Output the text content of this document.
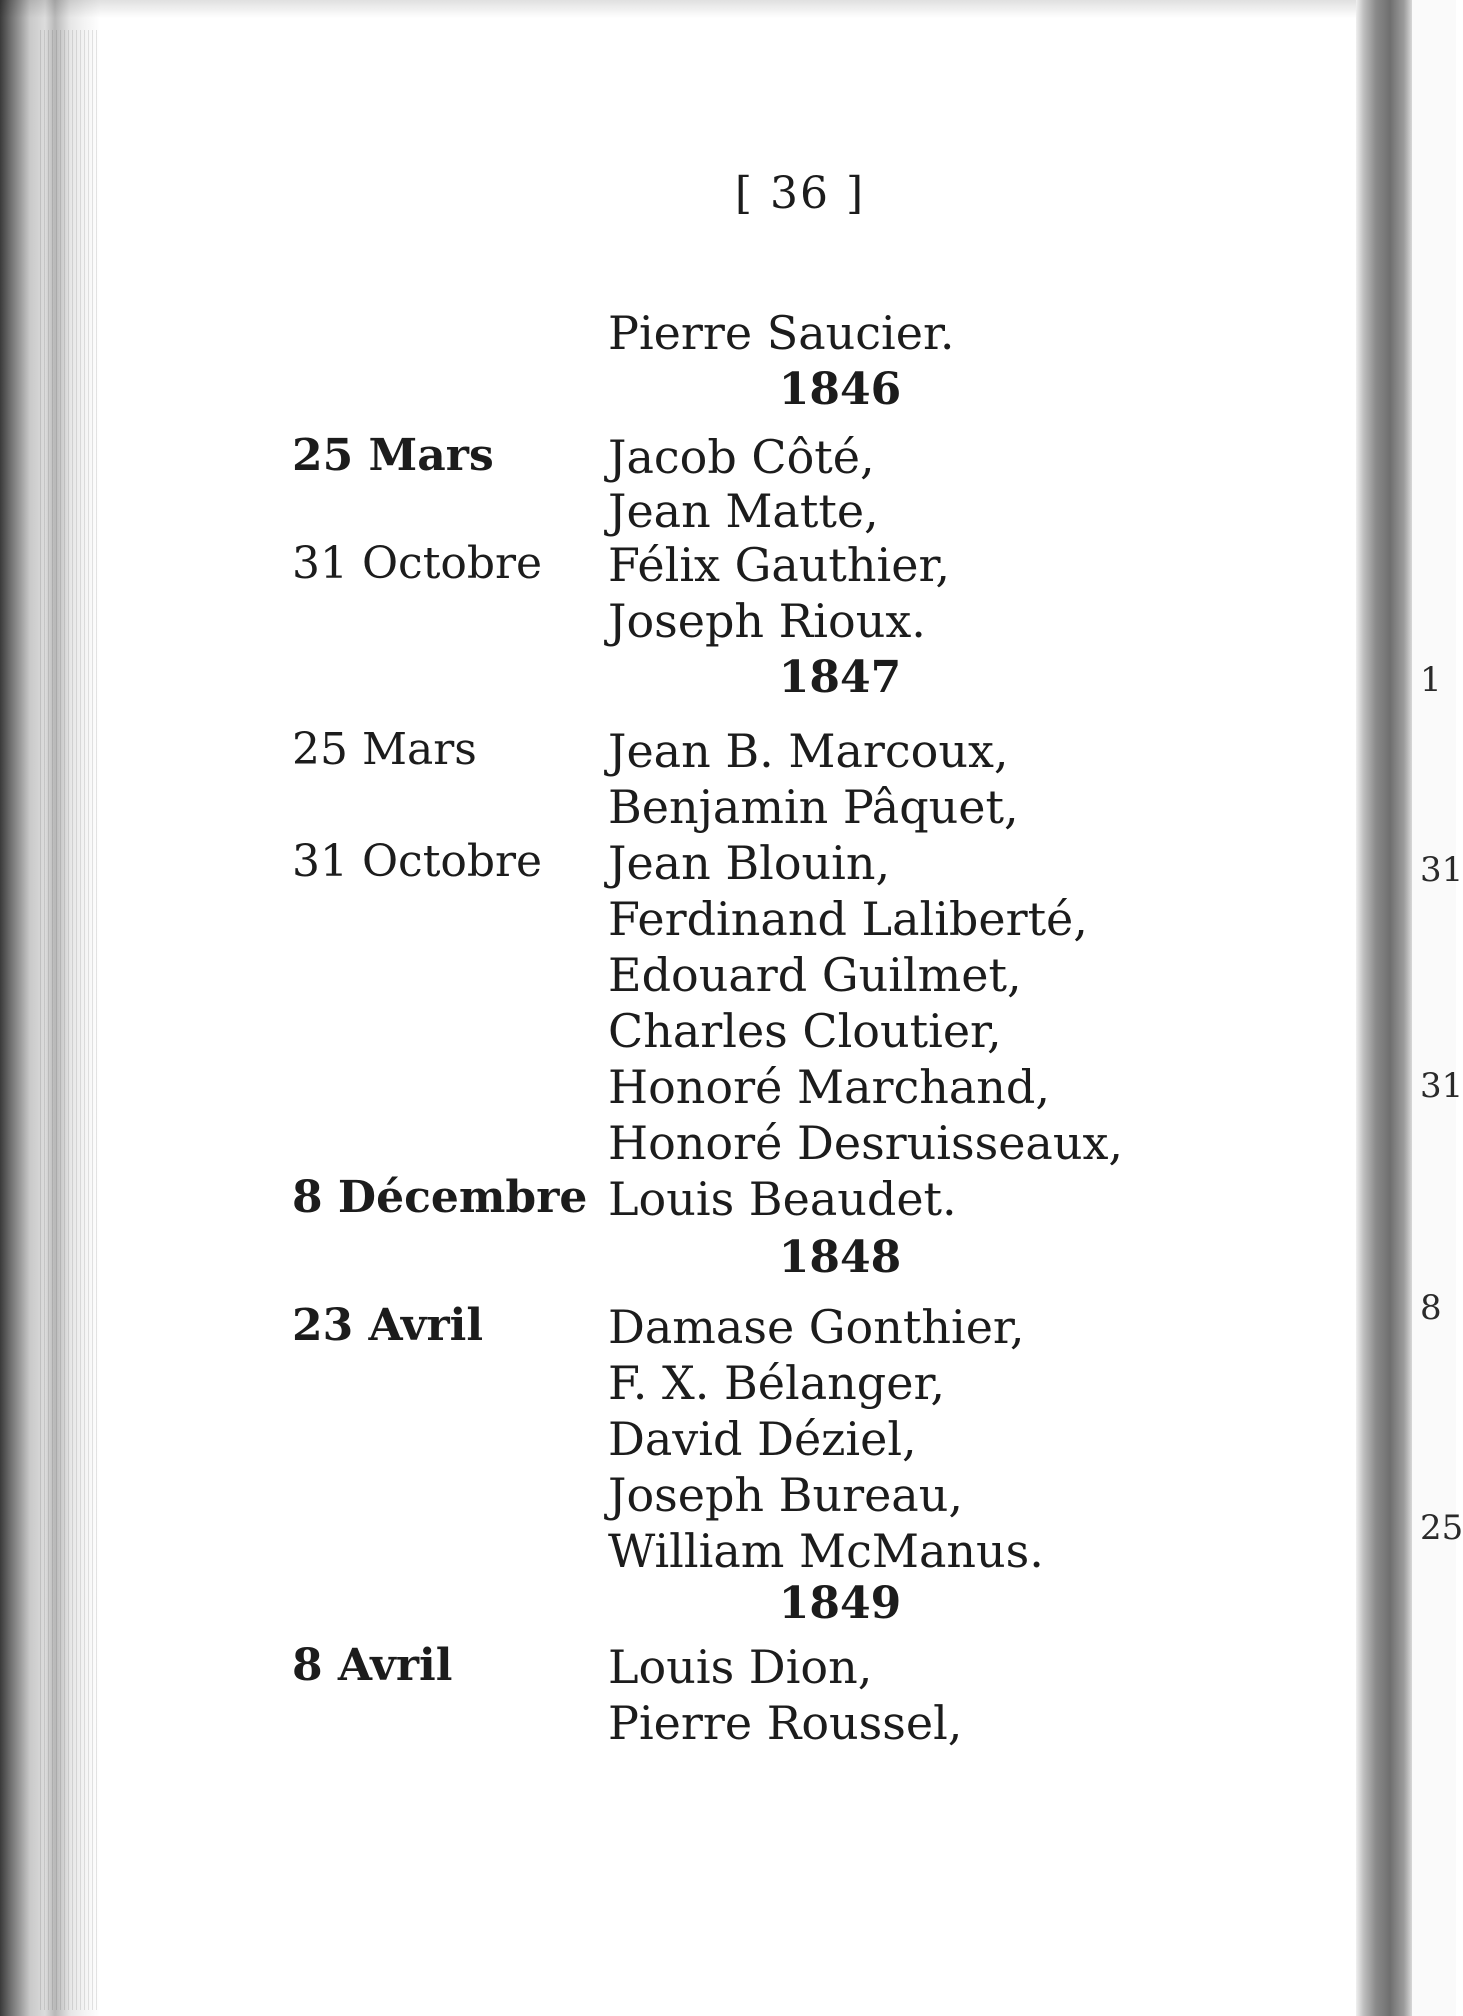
[ 36 ]
Pierre Saucier.
1846
25 Mars Jacob Côté,
Jean Matte,
31 Octobre Félix Gauthier,
Joseph Rioux.
1847
25 Mars	Jean B. Marcoux,
Benjamin Pâquet,
31 Octobre Jean Blouin,
Ferdinand Laliberté,
Edouard Guilmet,
Charles Cloutier,
Honoré Marchand,
Honoré Desruisseaux,
8 Décembre Louis Beaudet.
1848
23 Avril	Damase Gonthier,
F. X. Bélanger,
David Déziel,
Joseph Bureau,
William McManus.
1849
8 Avril	Louis Dion,
Pierre Roussel,
1
31
31
8
25
